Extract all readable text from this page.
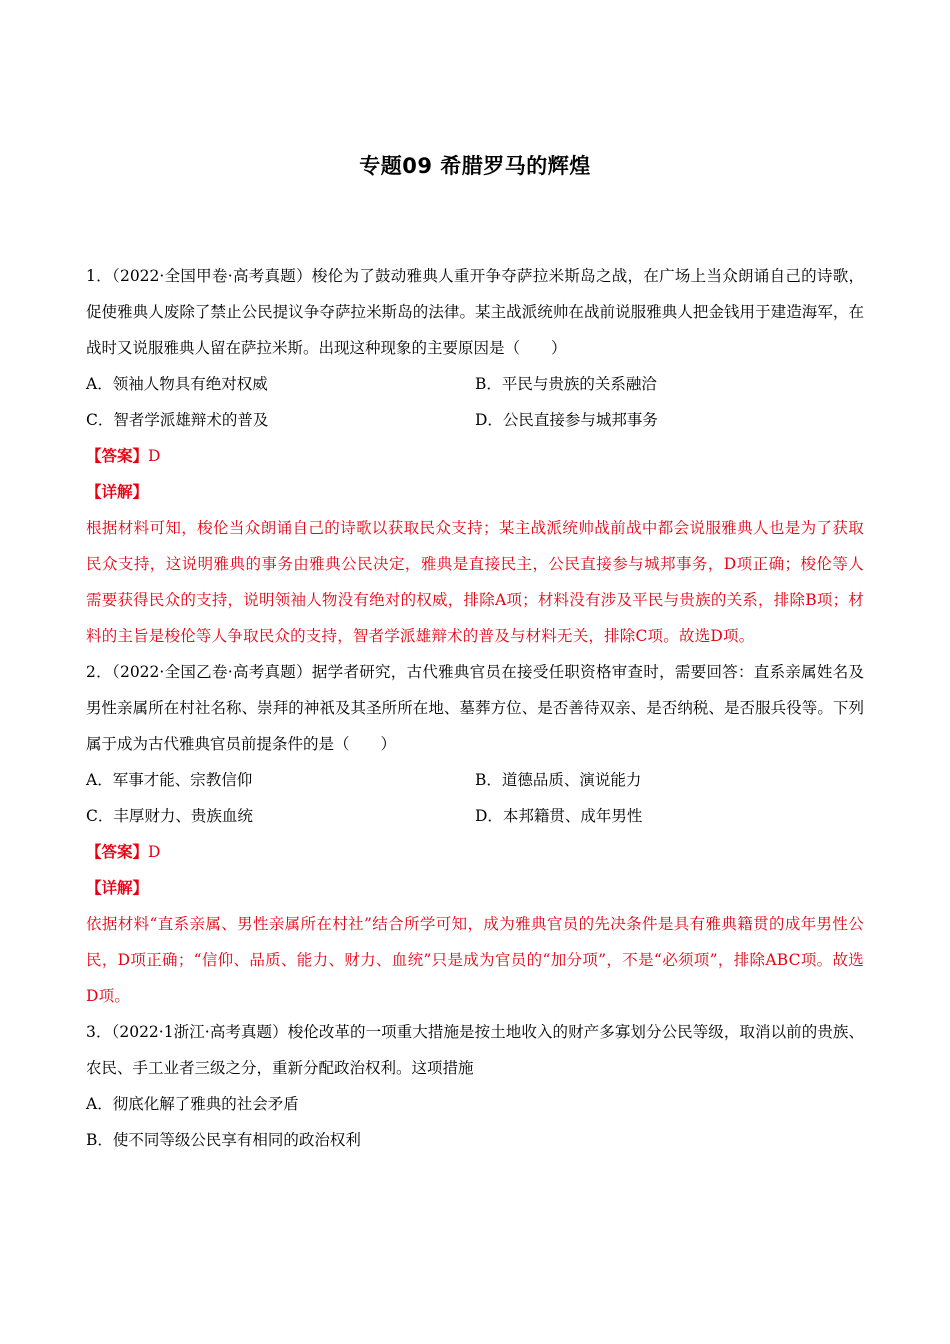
专题09 希腊罗马的辉煌
1．（2022·全国甲卷·高考真题）梭伦为了鼓动雅典人重开争夺萨拉米斯岛之战，在广场上当众朗诵自己的诗歌，促使雅典人废除了禁止公民提议争夺萨拉米斯岛的法律。某主战派统帅在战前说服雅典人把金钱用于建造海军，在战时又说服雅典人留在萨拉米斯。出现这种现象的主要原因是（　　）
A．领袖人物具有绝对权威	B．平民与贵族的关系融洽
C．智者学派雄辩术的普及	D．公民直接参与城邦事务
【答案】D
【详解】
根据材料可知，梭伦当众朗诵自己的诗歌以获取民众支持；某主战派统帅战前战中都会说服雅典人也是为了获取民众支持，这说明雅典的事务由雅典公民决定，雅典是直接民主，公民直接参与城邦事务，D项正确；梭伦等人需要获得民众的支持，说明领袖人物没有绝对的权威，排除A项；材料没有涉及平民与贵族的关系，排除B项；材料的主旨是梭伦等人争取民众的支持，智者学派雄辩术的普及与材料无关，排除C项。故选D项。
2．（2022·全国乙卷·高考真题）据学者研究，古代雅典官员在接受任职资格审查时，需要回答：直系亲属姓名及男性亲属所在村社名称、崇拜的神祇及其圣所所在地、墓葬方位、是否善待双亲、是否纳税、是否服兵役等。下列属于成为古代雅典官员前提条件的是（　　）
A．军事才能、宗教信仰	B．道德品质、演说能力
C．丰厚财力、贵族血统	D．本邦籍贯、成年男性
【答案】D
【详解】
依据材料“直系亲属、男性亲属所在村社”结合所学可知，成为雅典官员的先决条件是具有雅典籍贯的成年男性公民，D项正确；“信仰、品质、能力、财力、血统”只是成为官员的“加分项”，不是“必须项”，排除ABC项。故选D项。
3．（2022·1浙江·高考真题）梭伦改革的一项重大措施是按土地收入的财产多寡划分公民等级，取消以前的贵族、农民、手工业者三级之分，重新分配政治权利。这项措施
A．彻底化解了雅典的社会矛盾
B．使不同等级公民享有相同的政治权利
